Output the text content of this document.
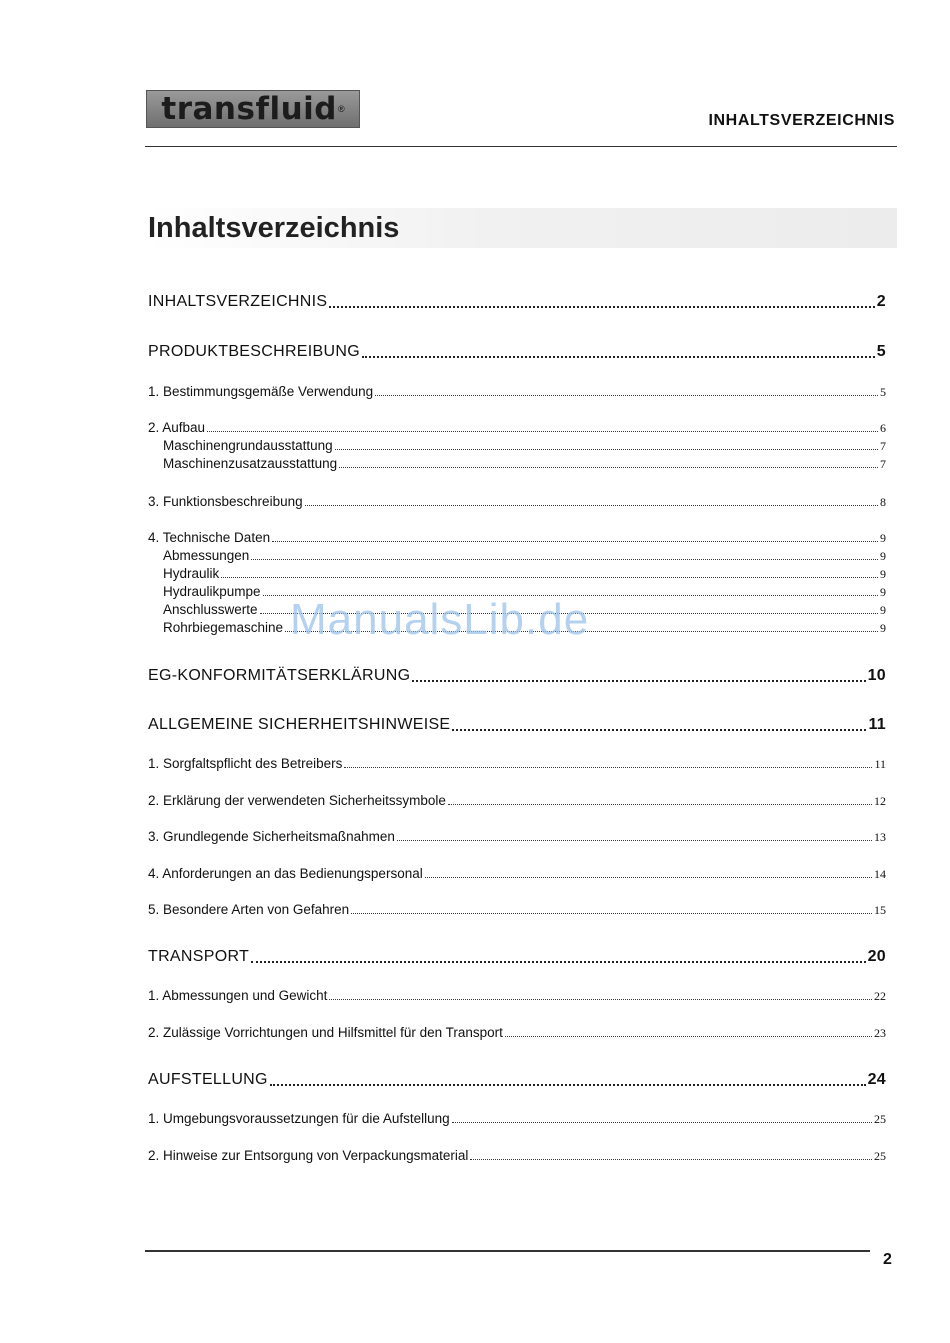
transfluid ®
INHALTSVERZEICHNIS
Inhaltsverzeichnis
INHALTSVERZEICHNIS	2
PRODUKTBESCHREIBUNG	5
1. Bestimmungsgemäße Verwendung	5
2. Aufbau	6
Maschinengrundausstattung	7
Maschinenzusatzausstattung	7
3. Funktionsbeschreibung	8
4. Technische Daten	9
Abmessungen	9
Hydraulik	9
Hydraulikpumpe	9
Anschlusswerte	9
Rohrbiegemaschine	9
ManualsLib.de
EG-KONFORMITÄTSERKLÄRUNG	10
ALLGEMEINE SICHERHEITSHINWEISE	11
1. Sorgfaltspflicht des Betreibers	11
2. Erklärung der verwendeten Sicherheitssymbole	12
3. Grundlegende Sicherheitsmaßnahmen	13
4. Anforderungen an das Bedienungspersonal	14
5. Besondere Arten von Gefahren	15
TRANSPORT	20
1. Abmessungen und Gewicht	22
2. Zulässige Vorrichtungen und Hilfsmittel für den Transport	23
AUFSTELLUNG	24
1. Umgebungsvoraussetzungen für die Aufstellung	25
2. Hinweise zur Entsorgung von Verpackungsmaterial	25
2
